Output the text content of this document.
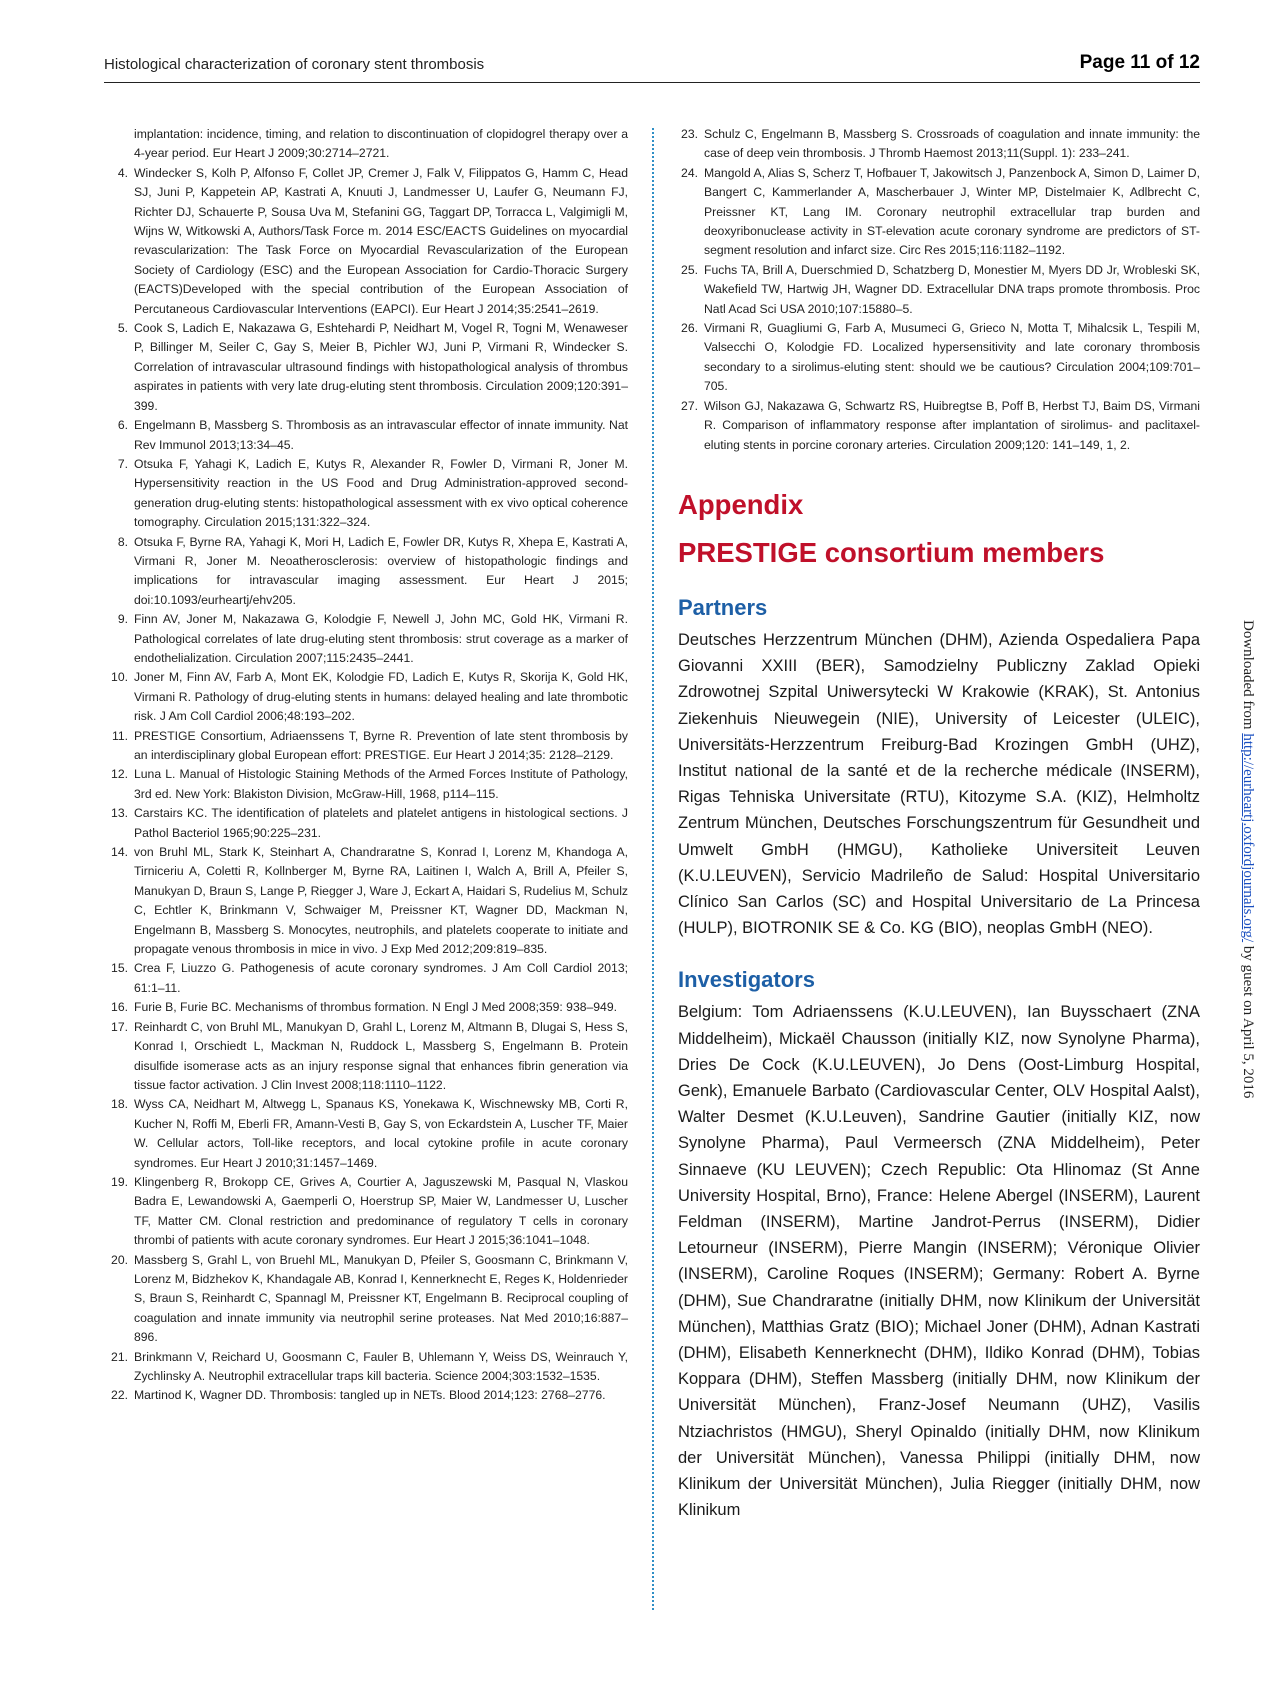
Histological characterization of coronary stent thrombosis	Page 11 of 12
implantation: incidence, timing, and relation to discontinuation of clopidogrel therapy over a 4-year period. Eur Heart J 2009;30:2714–2721.
4. Windecker S, Kolh P, Alfonso F, Collet JP, Cremer J, Falk V, Filippatos G, Hamm C, Head SJ, Juni P, Kappetein AP, Kastrati A, Knuuti J, Landmesser U, Laufer G, Neumann FJ, Richter DJ, Schauerte P, Sousa Uva M, Stefanini GG, Taggart DP, Torracca L, Valgimigli M, Wijns W, Witkowski A, Authors/Task Force m. 2014 ESC/EACTS Guidelines on myocardial revascularization: The Task Force on Myocardial Revascularization of the European Society of Cardiology (ESC) and the European Association for Cardio-Thoracic Surgery (EACTS)Developed with the special contribution of the European Association of Percutaneous Cardiovascular Interventions (EAPCI). Eur Heart J 2014;35:2541–2619.
5. Cook S, Ladich E, Nakazawa G, Eshtehardi P, Neidhart M, Vogel R, Togni M, Wenaweser P, Billinger M, Seiler C, Gay S, Meier B, Pichler WJ, Juni P, Virmani R, Windecker S. Correlation of intravascular ultrasound findings with histopathological analysis of thrombus aspirates in patients with very late drug-eluting stent thrombosis. Circulation 2009;120:391–399.
6. Engelmann B, Massberg S. Thrombosis as an intravascular effector of innate immunity. Nat Rev Immunol 2013;13:34–45.
7. Otsuka F, Yahagi K, Ladich E, Kutys R, Alexander R, Fowler D, Virmani R, Joner M. Hypersensitivity reaction in the US Food and Drug Administration-approved second-generation drug-eluting stents: histopathological assessment with ex vivo optical coherence tomography. Circulation 2015;131:322–324.
8. Otsuka F, Byrne RA, Yahagi K, Mori H, Ladich E, Fowler DR, Kutys R, Xhepa E, Kastrati A, Virmani R, Joner M. Neoatherosclerosis: overview of histopathologic findings and implications for intravascular imaging assessment. Eur Heart J 2015; doi:10.1093/eurheartj/ehv205.
9. Finn AV, Joner M, Nakazawa G, Kolodgie F, Newell J, John MC, Gold HK, Virmani R. Pathological correlates of late drug-eluting stent thrombosis: strut coverage as a marker of endothelialization. Circulation 2007;115:2435–2441.
10. Joner M, Finn AV, Farb A, Mont EK, Kolodgie FD, Ladich E, Kutys R, Skorija K, Gold HK, Virmani R. Pathology of drug-eluting stents in humans: delayed healing and late thrombotic risk. J Am Coll Cardiol 2006;48:193–202.
11. PRESTIGE Consortium, Adriaenssens T, Byrne R. Prevention of late stent thrombosis by an interdisciplinary global European effort: PRESTIGE. Eur Heart J 2014;35: 2128–2129.
12. Luna L. Manual of Histologic Staining Methods of the Armed Forces Institute of Pathology, 3rd ed. New York: Blakiston Division, McGraw-Hill, 1968, p114–115.
13. Carstairs KC. The identification of platelets and platelet antigens in histological sections. J Pathol Bacteriol 1965;90:225–231.
14. von Bruhl ML, Stark K, Steinhart A, Chandraratne S, Konrad I, Lorenz M, Khandoga A, Tirniceriu A, Coletti R, Kollnberger M, Byrne RA, Laitinen I, Walch A, Brill A, Pfeiler S, Manukyan D, Braun S, Lange P, Riegger J, Ware J, Eckart A, Haidari S, Rudelius M, Schulz C, Echtler K, Brinkmann V, Schwaiger M, Preissner KT, Wagner DD, Mackman N, Engelmann B, Massberg S. Monocytes, neutrophils, and platelets cooperate to initiate and propagate venous thrombosis in mice in vivo. J Exp Med 2012;209:819–835.
15. Crea F, Liuzzo G. Pathogenesis of acute coronary syndromes. J Am Coll Cardiol 2013; 61:1–11.
16. Furie B, Furie BC. Mechanisms of thrombus formation. N Engl J Med 2008;359: 938–949.
17. Reinhardt C, von Bruhl ML, Manukyan D, Grahl L, Lorenz M, Altmann B, Dlugai S, Hess S, Konrad I, Orschiedt L, Mackman N, Ruddock L, Massberg S, Engelmann B. Protein disulfide isomerase acts as an injury response signal that enhances fibrin generation via tissue factor activation. J Clin Invest 2008;118:1110–1122.
18. Wyss CA, Neidhart M, Altwegg L, Spanaus KS, Yonekawa K, Wischnewsky MB, Corti R, Kucher N, Roffi M, Eberli FR, Amann-Vesti B, Gay S, von Eckardstein A, Luscher TF, Maier W. Cellular actors, Toll-like receptors, and local cytokine profile in acute coronary syndromes. Eur Heart J 2010;31:1457–1469.
19. Klingenberg R, Brokopp CE, Grives A, Courtier A, Jaguszewski M, Pasqual N, Vlaskou Badra E, Lewandowski A, Gaemperli O, Hoerstrup SP, Maier W, Landmesser U, Luscher TF, Matter CM. Clonal restriction and predominance of regulatory T cells in coronary thrombi of patients with acute coronary syndromes. Eur Heart J 2015;36:1041–1048.
20. Massberg S, Grahl L, von Bruehl ML, Manukyan D, Pfeiler S, Goosmann C, Brinkmann V, Lorenz M, Bidzhekov K, Khandagale AB, Konrad I, Kennerknecht E, Reges K, Holdenrieder S, Braun S, Reinhardt C, Spannagl M, Preissner KT, Engelmann B. Reciprocal coupling of coagulation and innate immunity via neutrophil serine proteases. Nat Med 2010;16:887–896.
21. Brinkmann V, Reichard U, Goosmann C, Fauler B, Uhlemann Y, Weiss DS, Weinrauch Y, Zychlinsky A. Neutrophil extracellular traps kill bacteria. Science 2004;303:1532–1535.
22. Martinod K, Wagner DD. Thrombosis: tangled up in NETs. Blood 2014;123: 2768–2776.
23. Schulz C, Engelmann B, Massberg S. Crossroads of coagulation and innate immunity: the case of deep vein thrombosis. J Thromb Haemost 2013;11(Suppl. 1): 233–241.
24. Mangold A, Alias S, Scherz T, Hofbauer T, Jakowitsch J, Panzenbock A, Simon D, Laimer D, Bangert C, Kammerlander A, Mascherbauer J, Winter MP, Distelmaier K, Adlbrecht C, Preissner KT, Lang IM. Coronary neutrophil extracellular trap burden and deoxyribonuclease activity in ST-elevation acute coronary syndrome are predictors of ST-segment resolution and infarct size. Circ Res 2015;116:1182–1192.
25. Fuchs TA, Brill A, Duerschmied D, Schatzberg D, Monestier M, Myers DD Jr, Wrobleski SK, Wakefield TW, Hartwig JH, Wagner DD. Extracellular DNA traps promote thrombosis. Proc Natl Acad Sci USA 2010;107:15880–5.
26. Virmani R, Guagliumi G, Farb A, Musumeci G, Grieco N, Motta T, Mihalcsik L, Tespili M, Valsecchi O, Kolodgie FD. Localized hypersensitivity and late coronary thrombosis secondary to a sirolimus-eluting stent: should we be cautious? Circulation 2004;109:701–705.
27. Wilson GJ, Nakazawa G, Schwartz RS, Huibregtse B, Poff B, Herbst TJ, Baim DS, Virmani R. Comparison of inflammatory response after implantation of sirolimus- and paclitaxel-eluting stents in porcine coronary arteries. Circulation 2009;120: 141–149, 1, 2.
Appendix
PRESTIGE consortium members
Partners

Deutsches Herzzentrum München (DHM), Azienda Ospedaliera Papa Giovanni XXIII (BER), Samodzielny Publiczny Zaklad Opieki Zdrowotnej Szpital Uniwersytecki W Krakowie (KRAK), St. Antonius Ziekenhuis Nieuwegein (NIE), University of Leicester (ULEIC), Universitäts-Herzzentrum Freiburg-Bad Krozingen GmbH (UHZ), Institut national de la santé et de la recherche médicale (INSERM), Rigas Tehniska Universitate (RTU), Kitozyme S.A. (KIZ), Helmholtz Zentrum München, Deutsches Forschungszentrum für Gesundheit und Umwelt GmbH (HMGU), Katholieke Universiteit Leuven (K.U.LEUVEN), Servicio Madrileño de Salud: Hospital Universitario Clínico San Carlos (SC) and Hospital Universitario de La Princesa (HULP), BIOTRONIK SE & Co. KG (BIO), neoplas GmbH (NEO).

Investigators

Belgium: Tom Adriaenssens (K.U.LEUVEN), Ian Buysschaert (ZNA Middelheim), Mickaël Chausson (initially KIZ, now Synolyne Pharma), Dries De Cock (K.U.LEUVEN), Jo Dens (Oost-Limburg Hospital, Genk), Emanuele Barbato (Cardiovascular Center, OLV Hospital Aalst), Walter Desmet (K.U.Leuven), Sandrine Gautier (initially KIZ, now Synolyne Pharma), Paul Vermeersch (ZNA Middelheim), Peter Sinnaeve (KU LEUVEN); Czech Republic: Ota Hlinomaz (St Anne University Hospital, Brno), France: Helene Abergel (INSERM), Laurent Feldman (INSERM), Martine Jandrot-Perrus (INSERM), Didier Letourneur (INSERM), Pierre Mangin (INSERM); Véronique Olivier (INSERM), Caroline Roques (INSERM); Germany: Robert A. Byrne (DHM), Sue Chandraratne (initially DHM, now Klinikum der Universität München), Matthias Gratz (BIO); Michael Joner (DHM), Adnan Kastrati (DHM), Elisabeth Kennerknecht (DHM), Ildiko Konrad (DHM), Tobias Koppara (DHM), Steffen Massberg (initially DHM, now Klinikum der Universität München), Franz-Josef Neumann (UHZ), Vasilis Ntziachristos (HMGU), Sheryl Opinaldo (initially DHM, now Klinikum der Universität München), Vanessa Philippi (initially DHM, now Klinikum der Universität München), Julia Riegger (initially DHM, now Klinikum

Downloaded from http://eurheartj.oxfordjournals.org/ by guest on April 5, 2016
